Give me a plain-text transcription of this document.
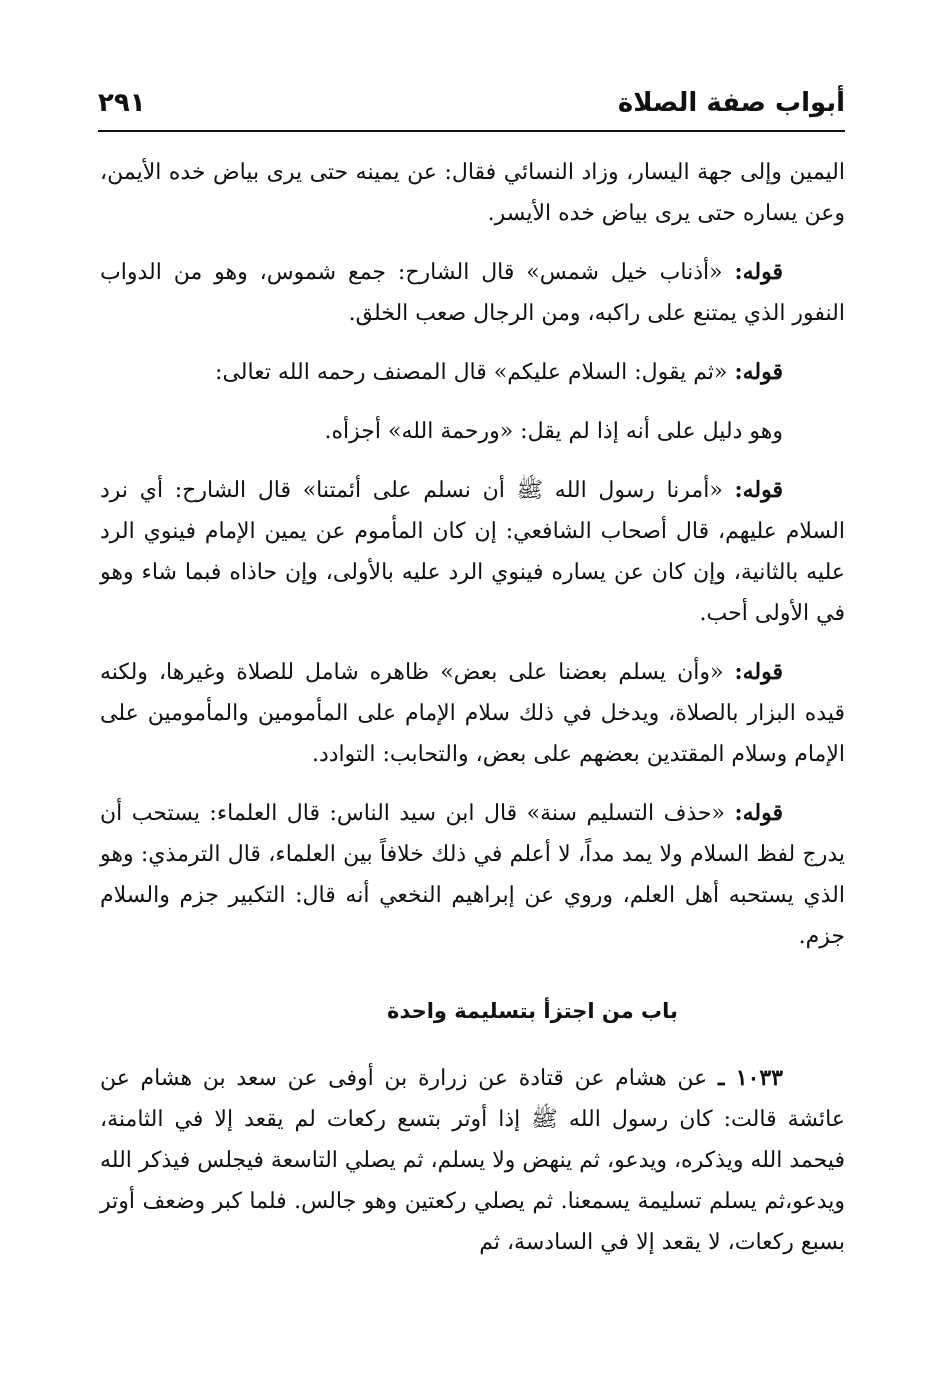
أبواب صفة الصلاة
٢٩١

اليمين وإلى جهة اليسار، وزاد النسائي فقال: عن يمينه حتى يرى بياض خده الأيمن، وعن يساره حتى يرى بياض خده الأيسر.

قوله: «أذناب خيل شمس» قال الشارح: جمع شموس، وهو من الدواب النفور الذي يمتنع على راكبه، ومن الرجال صعب الخلق.

قوله: «ثم يقول: السلام عليكم» قال المصنف رحمه الله تعالى:

وهو دليل على أنه إذا لم يقل: «ورحمة الله» أجزأه.

قوله: «أمرنا رسول الله ﷺ أن نسلم على أئمتنا» قال الشارح: أي نرد السلام عليهم، قال أصحاب الشافعي: إن كان المأموم عن يمين الإمام فينوي الرد عليه بالثانية، وإن كان عن يساره فينوي الرد عليه بالأولى، وإن حاذاه فبما شاء وهو في الأولى أحب.

قوله: «وأن يسلم بعضنا على بعض» ظاهره شامل للصلاة وغيرها، ولكنه قيده البزار بالصلاة، ويدخل في ذلك سلام الإمام على المأمومين والمأمومين على الإمام وسلام المقتدين بعضهم على بعض، والتحابب: التوادد.

قوله: «حذف التسليم سنة» قال ابن سيد الناس: قال العلماء: يستحب أن يدرج لفظ السلام ولا يمد مداً، لا أعلم في ذلك خلافاً بين العلماء، قال الترمذي: وهو الذي يستحبه أهل العلم، وروي عن إبراهيم النخعي أنه قال: التكبير جزم والسلام جزم.

باب من اجتزأ بتسليمة واحدة

١٠٣٣ ـ عن هشام عن قتادة عن زرارة بن أوفى عن سعد بن هشام عن عائشة قالت: كان رسول الله ﷺ إذا أوتر بتسع ركعات لم يقعد إلا في الثامنة، فيحمد الله ويذكره، ويدعو، ثم ينهض ولا يسلم، ثم يصلي التاسعة فيجلس فيذكر الله ويدعو،ثم يسلم تسليمة يسمعنا. ثم يصلي ركعتين وهو جالس. فلما كبر وضعف أوتر بسبع ركعات، لا يقعد إلا في السادسة، ثم
